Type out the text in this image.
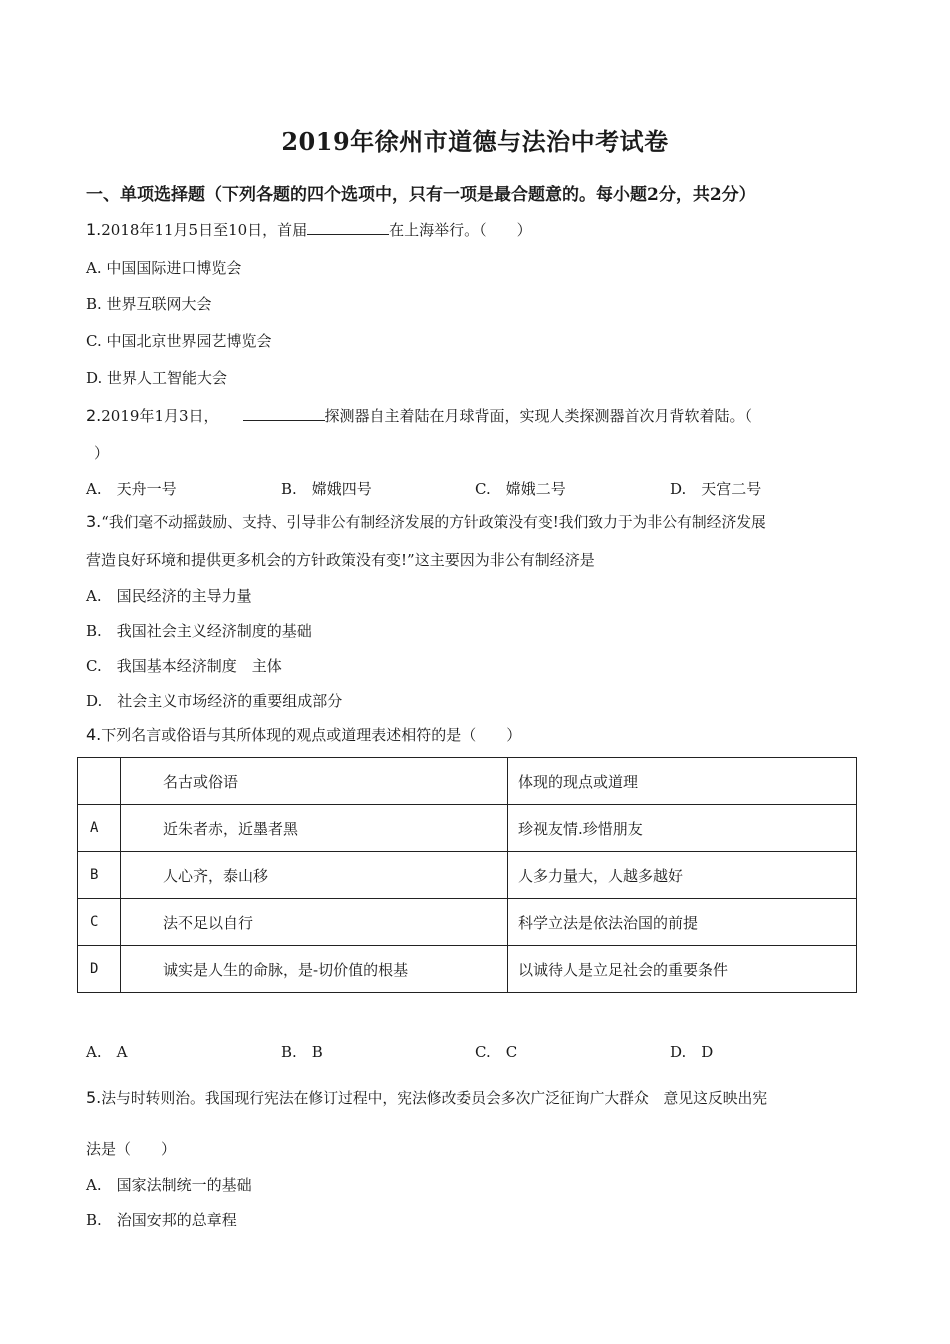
2019年徐州市道德与法治中考试卷
一、单项选择题（下列各题的四个选项中，只有一项是最合题意的。每小题2分，共2分）
1.2018年11月5日至10日，首届	在上海举行。（　　）
A. 中国国际进口博览会
B. 世界互联网大会
C. 中国北京世界园艺博览会
D. 世界人工智能大会
2.2019年1月3日，	探测器自主着陆在月球背面，实现人类探测器首次月背软着陆。（
）
A.　天舟一号	B.　嫦娥四号	C.　嫦娥二号	D.　天宫二号
3.“我们毫不动摇鼓励、支持、引导非公有制经济发展的方针政策没有变!我们致力于为非公有制经济发展
营造良好环境和提供更多机会的方针政策没有变!”这主要因为非公有制经济是
A.　国民经济的主导力量
B.　我国社会主义经济制度的基础
C.　我国基本经济制度　主体
D.　社会主义市场经济的重要组成部分
4.下列名言或俗语与其所体现的观点或道理表述相符的是（　　）
	名古或俗语	体现的现点或道理
A	近朱者赤，近墨者黑	珍视友情.珍惜朋友
B	人心齐，泰山移	人多力量大，人越多越好
C	法不足以自行	科学立法是依法治国的前提
D	诚实是人生的命脉，是-切价值的根基	以诚待人是立足社会的重要条件
A.　A	B.　B	C.　C	D.　D
5.法与时转则治。我国现行宪法在修订过程中，宪法修改委员会多次广泛征询广大群众　意见这反映出宪
法是（　　）
A.　国家法制统一的基础
B.　治国安邦的总章程
